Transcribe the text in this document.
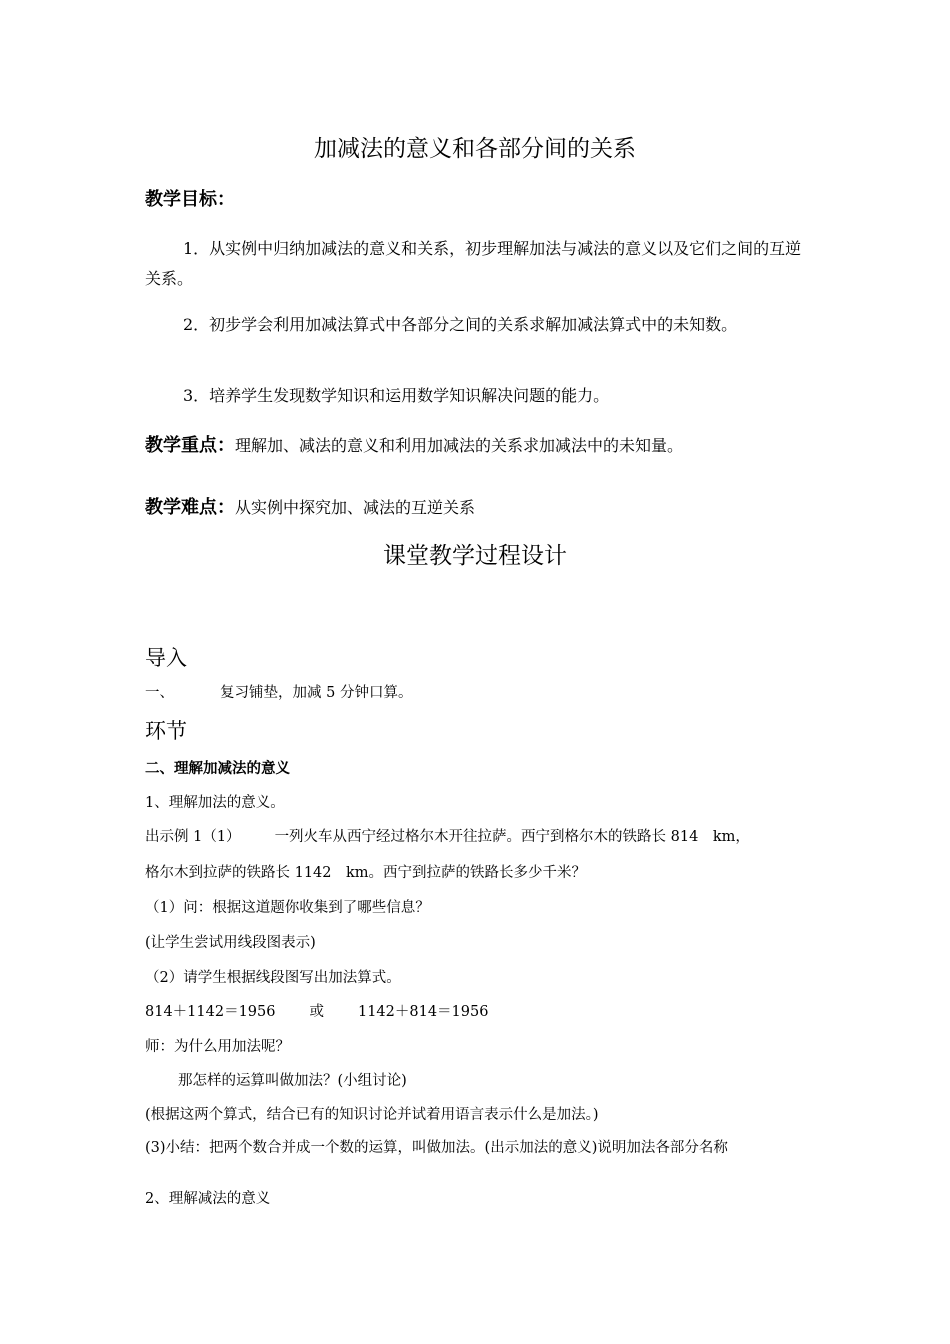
加减法的意义和各部分间的关系
教学目标：
1．从实例中归纳加减法的意义和关系，初步理解加法与减法的意义以及它们之间的互逆关系。
2．初步学会利用加减法算式中各部分之间的关系求解加减法算式中的未知数。
3．培养学生发现数学知识和运用数学知识解决问题的能力。
教学重点：理解加、减法的意义和利用加减法的关系求加减法中的未知量。
教学难点：从实例中探究加、减法的互逆关系
课堂教学过程设计
导入
一、	复习铺垫，加减 5 分钟口算。
环节
二、理解加减法的意义
1、理解加法的意义。
出示例 1（1） 一列火车从西宁经过格尔木开往拉萨。西宁到格尔木的铁路长 814　km，
格尔木到拉萨的铁路长 1142　km。西宁到拉萨的铁路长多少千米？
（1）问：根据这道题你收集到了哪些信息？
(让学生尝试用线段图表示)
（2）请学生根据线段图写出加法算式。
814＋1142＝1956 或 1142＋814＝1956
师：为什么用加法呢？
那怎样的运算叫做加法？(小组讨论)
(根据这两个算式，结合已有的知识讨论并试着用语言表示什么是加法。)
(3)小结：把两个数合并成一个数的运算，叫做加法。(出示加法的意义)说明加法各部分名称
2、理解减法的意义
